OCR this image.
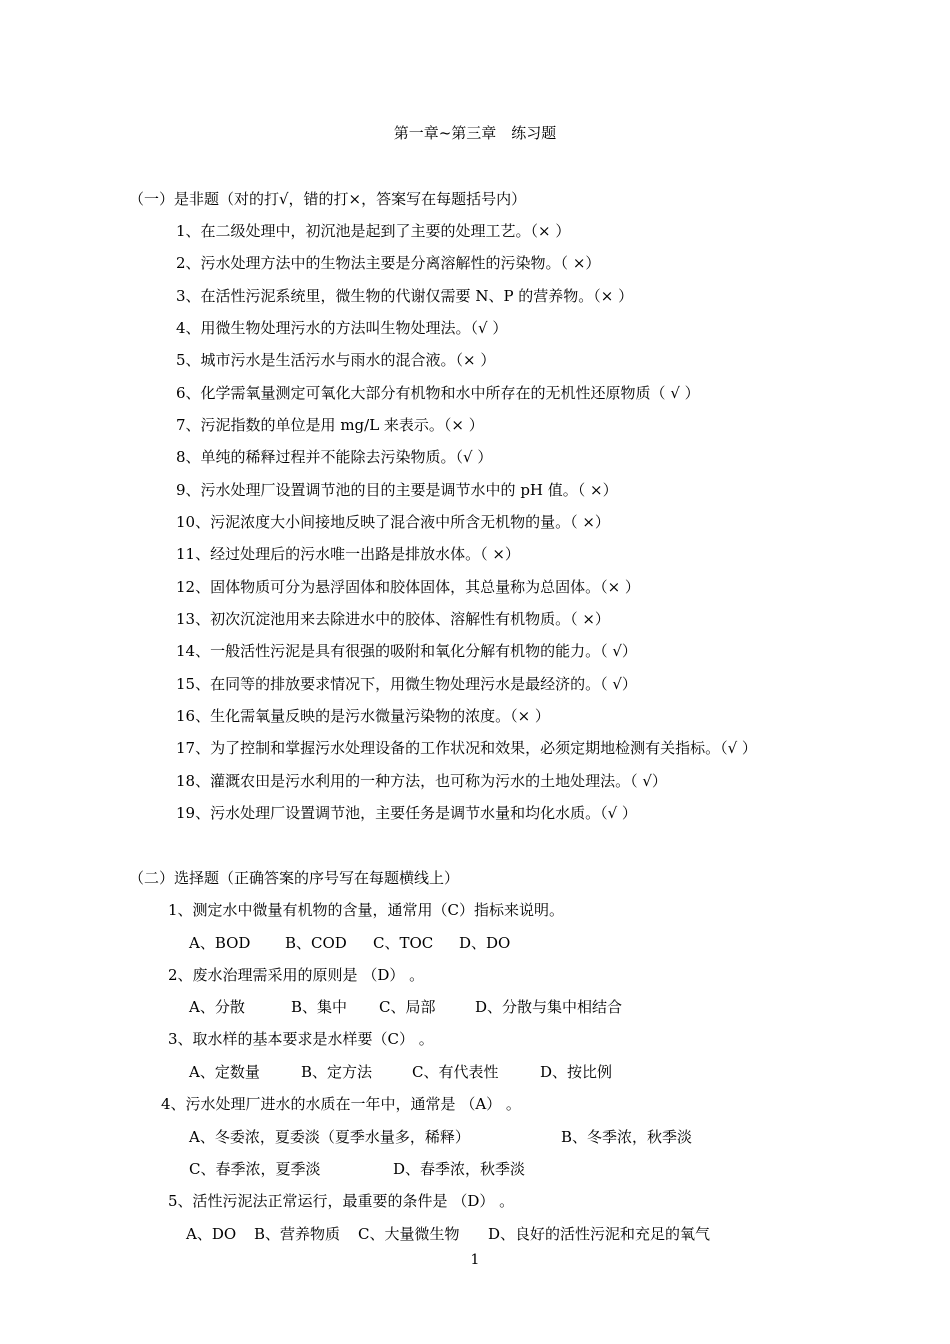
第一章~第三章　练习题
（一）是非题（对的打√，错的打×，答案写在每题括号内）
1、在二级处理中，初沉池是起到了主要的处理工艺。（× ）
2、污水处理方法中的生物法主要是分离溶解性的污染物。（ ×）
3、在活性污泥系统里，微生物的代谢仅需要 N、P 的营养物。（× ）
4、用微生物处理污水的方法叫生物处理法。（√ ）
5、城市污水是生活污水与雨水的混合液。（× ）
6、化学需氧量测定可氧化大部分有机物和水中所存在的无机性还原物质（ √ ）
7、污泥指数的单位是用 mg/L 来表示。（× ）
8、单纯的稀释过程并不能除去污染物质。（√ ）
9、污水处理厂设置调节池的目的主要是调节水中的 pH 值。（ ×）
10、污泥浓度大小间接地反映了混合液中所含无机物的量。（ ×）
11、经过处理后的污水唯一出路是排放水体。（ ×）
12、固体物质可分为悬浮固体和胶体固体，其总量称为总固体。（× ）
13、初次沉淀池用来去除进水中的胶体、溶解性有机物质。（ ×）
14、一般活性污泥是具有很强的吸附和氧化分解有机物的能力。（ √）
15、在同等的排放要求情况下，用微生物处理污水是最经济的。（ √）
16、生化需氧量反映的是污水微量污染物的浓度。（× ）
17、为了控制和掌握污水处理设备的工作状况和效果，必须定期地检测有关指标。（√ ）
18、灌溉农田是污水利用的一种方法，也可称为污水的土地处理法。（ √）
19、污水处理厂设置调节池，主要任务是调节水量和均化水质。（√ ）
（二）选择题（正确答案的序号写在每题横线上）
1、测定水中微量有机物的含量，通常用（C）指标来说明。
A、BOD B、COD C、TOC D、DO
2、废水治理需采用的原则是 （D） 。
A、分散	B、集中 C、局部	D、分散与集中相结合
3、取水样的基本要求是水样要（C） 。
A、定数量	B、定方法	C、有代表性	D、按比例
4、污水处理厂进水的水质在一年中，通常是 （A） 。
A、冬委浓，夏委淡（夏季水量多，稀释）	B、冬季浓，秋季淡
C、春季浓，夏季淡	D、春季浓，秋季淡
5、活性污泥法正常运行，最重要的条件是 （D） 。
A、DO B、营养物质 C、大量微生物 D、良好的活性污泥和充足的氧气
1
